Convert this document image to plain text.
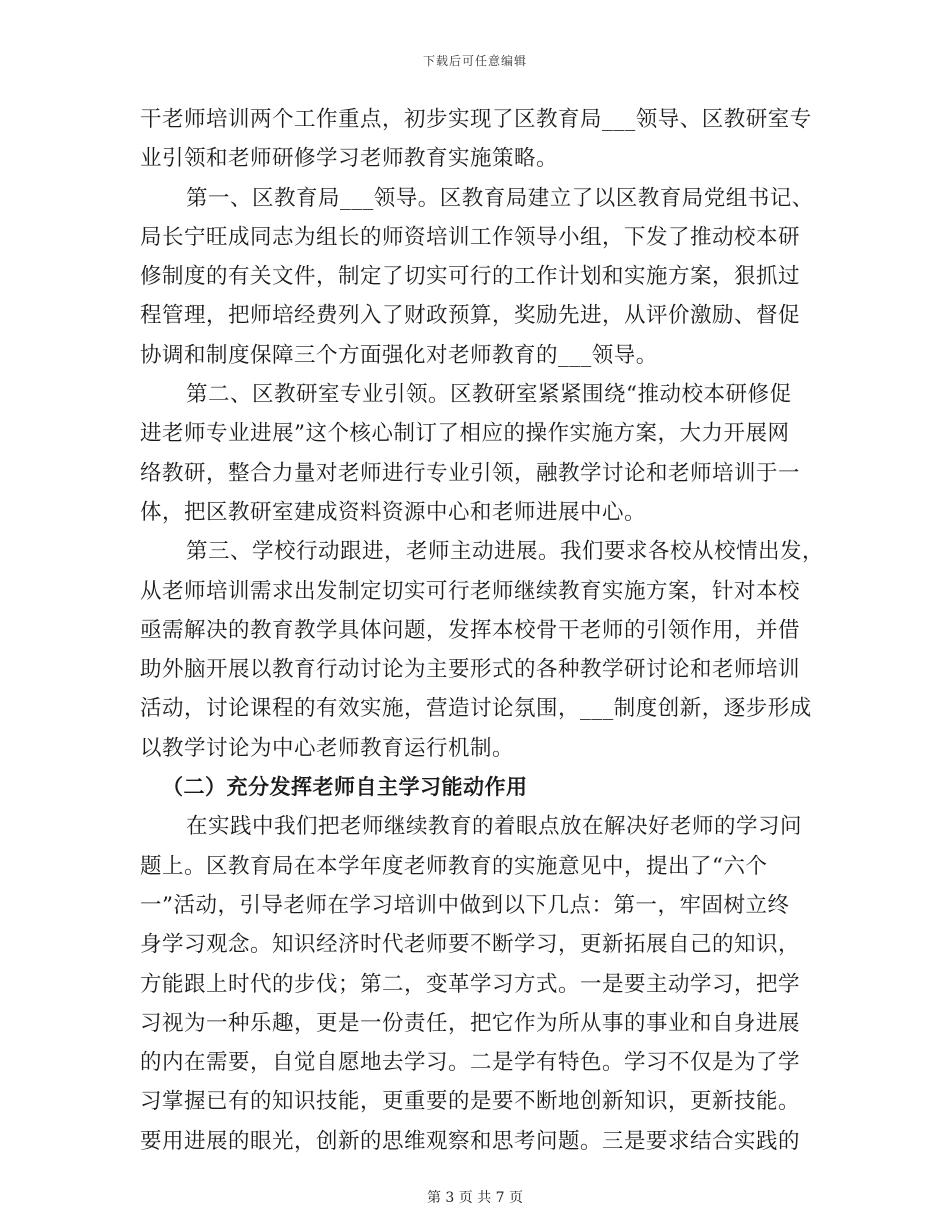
下载后可任意编辑
干老师培训两个工作重点，初步实现了区教育局___领导、区教研室专
业引领和老师研修学习老师教育实施策略。
第一、区教育局___领导。区教育局建立了以区教育局党组书记、
局长宁旺成同志为组长的师资培训工作领导小组，下发了推动校本研
修制度的有关文件，制定了切实可行的工作计划和实施方案，狠抓过
程管理，把师培经费列入了财政预算，奖励先进，从评价激励、督促
协调和制度保障三个方面强化对老师教育的___领导。
第二、区教研室专业引领。区教研室紧紧围绕“推动校本研修促
进老师专业进展”这个核心制订了相应的操作实施方案，大力开展网
络教研，整合力量对老师进行专业引领，融教学讨论和老师培训于一
体，把区教研室建成资料资源中心和老师进展中心。
第三、学校行动跟进，老师主动进展。我们要求各校从校情出发，
从老师培训需求出发制定切实可行老师继续教育实施方案，针对本校
亟需解决的教育教学具体问题，发挥本校骨干老师的引领作用，并借
助外脑开展以教育行动讨论为主要形式的各种教学研讨论和老师培训
活动，讨论课程的有效实施，营造讨论氛围，___制度创新，逐步形成
以教学讨论为中心老师教育运行机制。
（二）充分发挥老师自主学习能动作用
在实践中我们把老师继续教育的着眼点放在解决好老师的学习问
题上。区教育局在本学年度老师教育的实施意见中，提出了“六个
一”活动，引导老师在学习培训中做到以下几点：第一，牢固树立终
身学习观念。知识经济时代老师要不断学习，更新拓展自己的知识，
方能跟上时代的步伐；第二，变革学习方式。一是要主动学习，把学
习视为一种乐趣，更是一份责任，把它作为所从事的事业和自身进展
的内在需要，自觉自愿地去学习。二是学有特色。学习不仅是为了学
习掌握已有的知识技能，更重要的是要不断地创新知识，更新技能。
要用进展的眼光，创新的思维观察和思考问题。三是要求结合实践的
第 3 页 共 7 页
